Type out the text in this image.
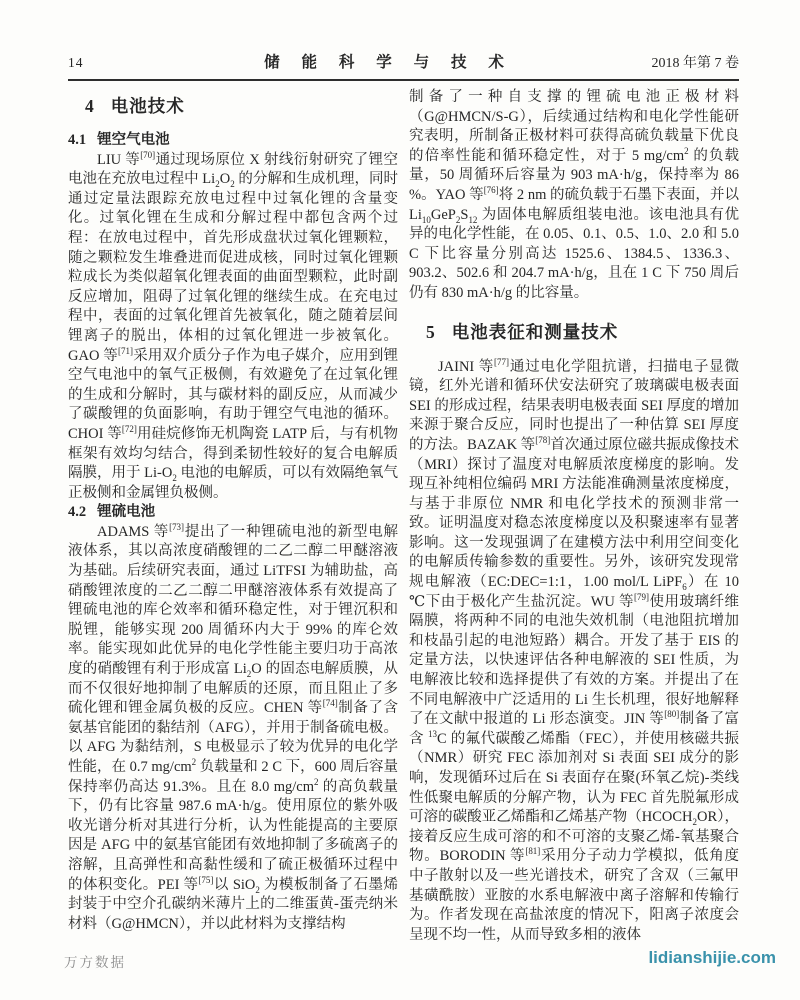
14	储 能 科 学 与 技 术	2018 年第 7 卷
4 电池技术
4.1 锂空气电池

LIU 等[70]通过现场原位 X 射线衍射研究了锂空电池在充放电过程中 $Li_2O_2$ 的分解和生成机理，同时通过定量法跟踪充放电过程中过氧化锂的含量变化。过氧化锂在生成和分解过程中都包含两个过程：在放电过程中，首先形成盘状过氧化锂颗粒，随之颗粒发生堆叠进而促进成核，同时过氧化锂颗粒成长为类似超氧化锂表面的曲面型颗粒，此时副反应增加，阻碍了过氧化锂的继续生成。在充电过程中，表面的过氧化锂首先被氧化，随之随着层间锂离子的脱出，体相的过氧化锂进一步被氧化。GAO 等[71]采用双介质分子作为电子媒介，应用到锂空气电池中的氧气正极侧，有效避免了在过氧化锂的生成和分解时，其与碳材料的副反应，从而减少了碳酸锂的负面影响，有助于锂空气电池的循环。CHOI 等[72]用硅烷修饰无机陶瓷 LATP 后，与有机物框架有效均匀结合，得到柔韧性较好的复合电解质隔膜，用于 $Li-O_2$ 电池的电解质，可以有效隔绝氧气正极侧和金属锂负极侧。

4.2 锂硫电池

ADAMS 等[73]提出了一种锂硫电池的新型电解液体系，其以高浓度硝酸锂的二乙二醇二甲醚溶液为基础。后续研究表面，通过 LiTFSI 为辅助盐，高硝酸锂浓度的二乙二醇二甲醚溶液体系有效提高了锂硫电池的库仑效率和循环稳定性，对于锂沉积和脱锂，能够实现 200 周循环内大于 99% 的库仑效率。能实现如此优异的电化学性能主要归功于高浓度的硝酸锂有利于形成富 $Li_2O$ 的固态电解质膜，从而不仅很好地抑制了电解质的还原，而且阻止了多硫化锂和锂金属负极的反应。CHEN 等[74]制备了含氨基官能团的黏结剂（AFG），并用于制备硫电极。以 AFG 为黏结剂，S 电极显示了较为优异的电化学性能，在 0.7 $mg/cm^2$ 负载量和 2 C 下，600 周后容量保持率仍高达 91.3%。且在 8.0 $mg/cm^2$ 的高负载量下，仍有比容量 987.6 mA·h/g。使用原位的紫外吸收光谱分析对其进行分析，认为性能提高的主要原因是 AFG 中的氨基官能团有效地抑制了多硫离子的溶解，且高弹性和高黏性缓和了硫正极循环过程中的体积变化。PEI 等[75]以 SiO$_2$ 为模板制备了石墨烯封装于中空介孔碳纳米薄片上的二维蛋黄-蛋壳纳米材料（G@HMCN），并以此材料为支撑结构

制备了一种自支撑的锂硫电池正极材料（G@HMCN/S-G），后续通过结构和电化学性能研究表明，所制备正极材料可获得高硫负载量下优良的倍率性能和循环稳定性，对于 5 $mg/cm^2$ 的负载量，50 周循环后容量为 903 mA·h/g，保持率为 86 %。YAO 等[76]将 2 nm 的硫负载于石墨下表面，并以 $Li_{10}GeP_2S_{12}$ 为固体电解质组装电池。该电池具有优异的电化学性能，在 0.05、0.1、0.5、1.0、2.0 和 5.0 C 下比容量分别高达 1525.6、1384.5、1336.3、903.2、502.6 和 204.7 mA·h/g，且在 1 C 下 750 周后仍有 830 mA·h/g 的比容量。

5 电池表征和测量技术

JAINI 等[77]通过电化学阻抗谱，扫描电子显微镜，红外光谱和循环伏安法研究了玻璃碳电极表面 SEI 的形成过程，结果表明电极表面 SEI 厚度的增加来源于聚合反应，同时也提出了一种估算 SEI 厚度的方法。BAZAK 等[78]首次通过原位磁共振成像技术（MRI）探讨了温度对电解质浓度梯度的影响。发现互补纯相位编码 MRI 方法能准确测量浓度梯度，与基于非原位 NMR 和电化学技术的预测非常一致。证明温度对稳态浓度梯度以及积聚速率有显著影响。这一发现强调了在建模方法中利用空间变化的电解质传输参数的重要性。另外，该研究发现常规电解液（EC:DEC=1:1，1.00 mol/L LiPF$_6$）在 10 ℃下由于极化产生盐沉淀。WU 等[79]使用玻璃纤维隔膜，将两种不同的电池失效机制（电池阻抗增加和枝晶引起的电池短路）耦合。开发了基于 EIS 的定量方法，以快速评估各种电解液的 SEI 性质，为电解液比较和选择提供了有效的方案。并提出了在不同电解液中广泛适用的 Li 生长机理，很好地解释了在文献中报道的 Li 形态演变。JIN 等[80]制备了富含 $^{13}$C 的氟代碳酸乙烯酯（FEC），并使用核磁共振（NMR）研究 FEC 添加剂对 Si 表面 SEI 成分的影响，发现循环过后在 Si 表面存在聚(环氧乙烷)-类线性低聚电解质的分解产物，认为 FEC 首先脱氟形成可溶的碳酸亚乙烯酯和乙烯基产物$(HCOCH_2OR)$，接着反应生成可溶的和不可溶的支聚乙烯-氧基聚合物。BORODIN 等[81]采用分子动力学模拟，低角度中子散射以及一些光谱技术，研究了含双（三氟甲基磺酰胺）亚胺的水系电解液中离子溶解和传输行为。作者发现在高盐浓度的情况下，阳离子浓度会呈现不均一性，从而导致多相的液体

万方数据	lidianshijie.com
